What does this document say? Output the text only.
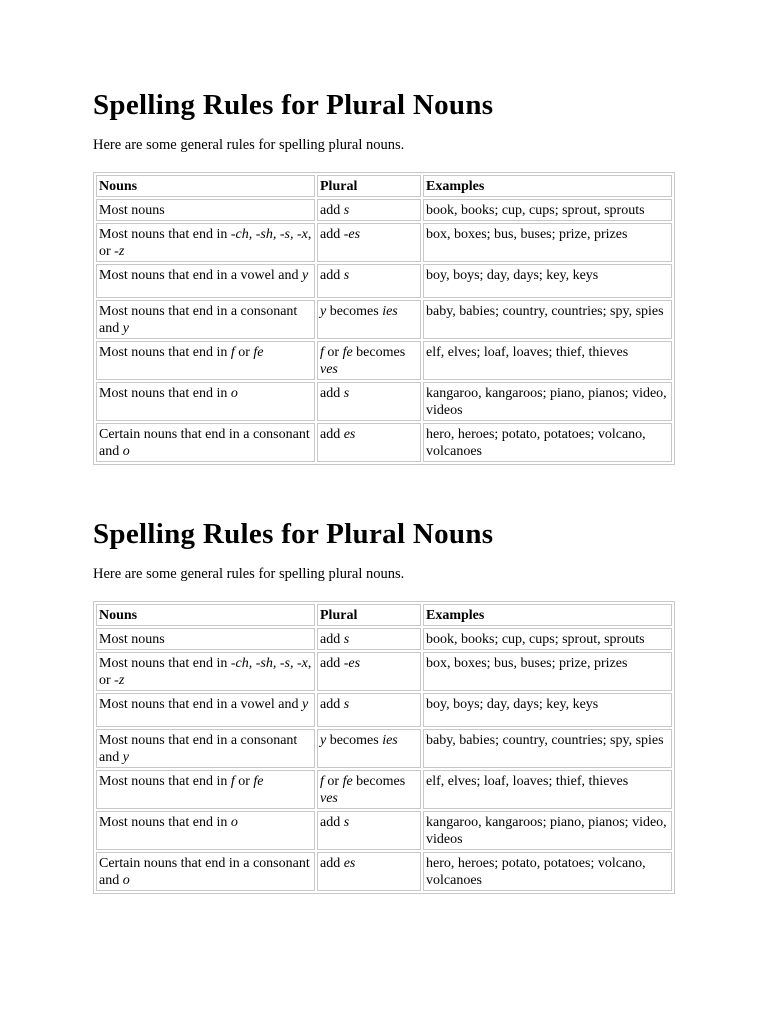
Spelling Rules for Plural Nouns

Here are some general rules for spelling plural nouns.

Nouns	Plural	Examples
Most nouns	add s	book, books; cup, cups; sprout, sprouts
Most nouns that end in -ch, -sh, -s, -x, or -z	add -es	box, boxes; bus, buses; prize, prizes
Most nouns that end in a vowel and y	add s	boy, boys; day, days; key, keys
Most nouns that end in a consonant and y	y becomes ies	baby, babies; country, countries; spy, spies
Most nouns that end in f or fe	f or fe becomes ves	elf, elves; loaf, loaves; thief, thieves
Most nouns that end in o	add s	kangaroo, kangaroos; piano, pianos; video, videos
Certain nouns that end in a consonant and o	add es	hero, heroes; potato, potatoes; volcano, volcanoes
Spelling Rules for Plural Nouns

Here are some general rules for spelling plural nouns.

Nouns	Plural	Examples
Most nouns	add s	book, books; cup, cups; sprout, sprouts
Most nouns that end in -ch, -sh, -s, -x, or -z	add -es	box, boxes; bus, buses; prize, prizes
Most nouns that end in a vowel and y	add s	boy, boys; day, days; key, keys
Most nouns that end in a consonant and y	y becomes ies	baby, babies; country, countries; spy, spies
Most nouns that end in f or fe	f or fe becomes ves	elf, elves; loaf, loaves; thief, thieves
Most nouns that end in o	add s	kangaroo, kangaroos; piano, pianos; video, videos
Certain nouns that end in a consonant and o	add es	hero, heroes; potato, potatoes; volcano, volcanoes
